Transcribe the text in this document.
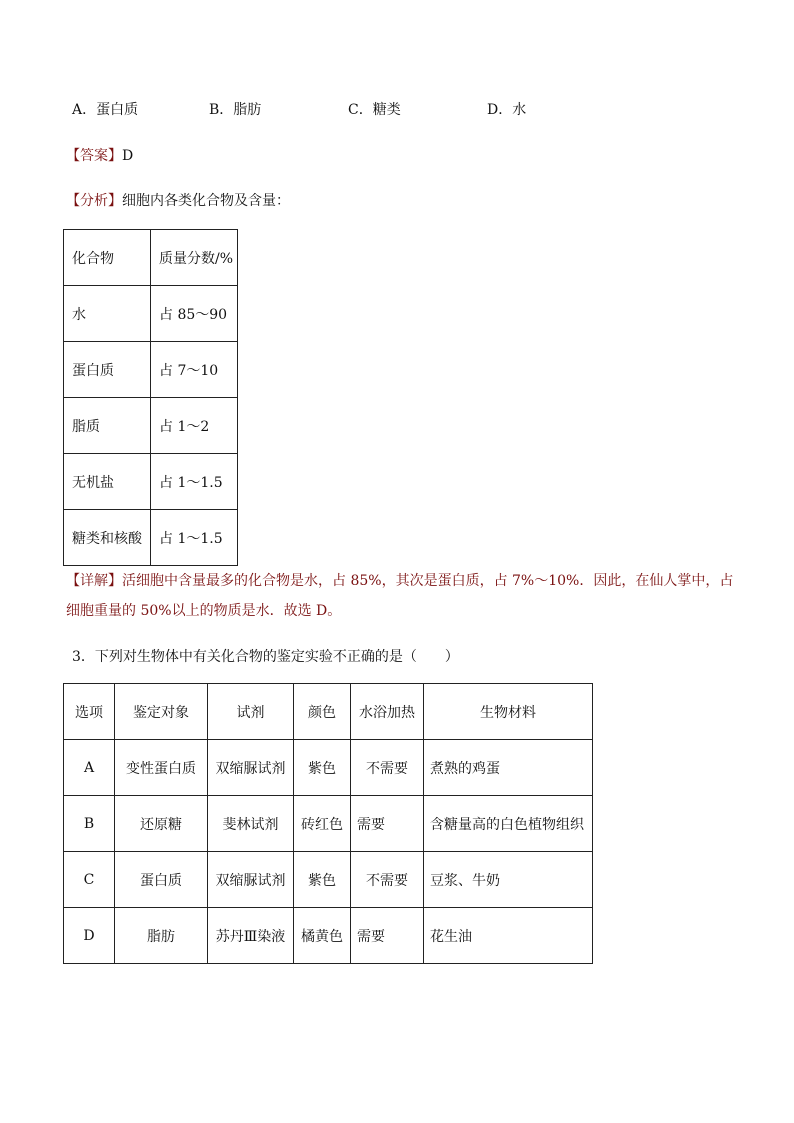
A．蛋白质	B．脂肪	C．糖类	D．水
【答案】D
【分析】细胞内各类化合物及含量：
化合物	质量分数/%
水	占 85～90
蛋白质	占 7～10
脂质	占 1～2
无机盐	占 1～1.5
糖类和核酸	占 1～1.5
【详解】活细胞中含量最多的化合物是水，占 85%，其次是蛋白质，占 7%～10%．因此，在仙人掌中，占
细胞重量的 50%以上的物质是水．故选 D。
3．下列对生物体中有关化合物的鉴定实验不正确的是（　　）
选项	鉴定对象	试剂	颜色	水浴加热	生物材料
A	变性蛋白质	双缩脲试剂	紫色	不需要	煮熟的鸡蛋
B	还原糖	斐林试剂	砖红色	需要	含糖量高的白色植物组织
C	蛋白质	双缩脲试剂	紫色	不需要	豆浆、牛奶
D	脂肪	苏丹Ⅲ染液	橘黄色	需要	花生油
